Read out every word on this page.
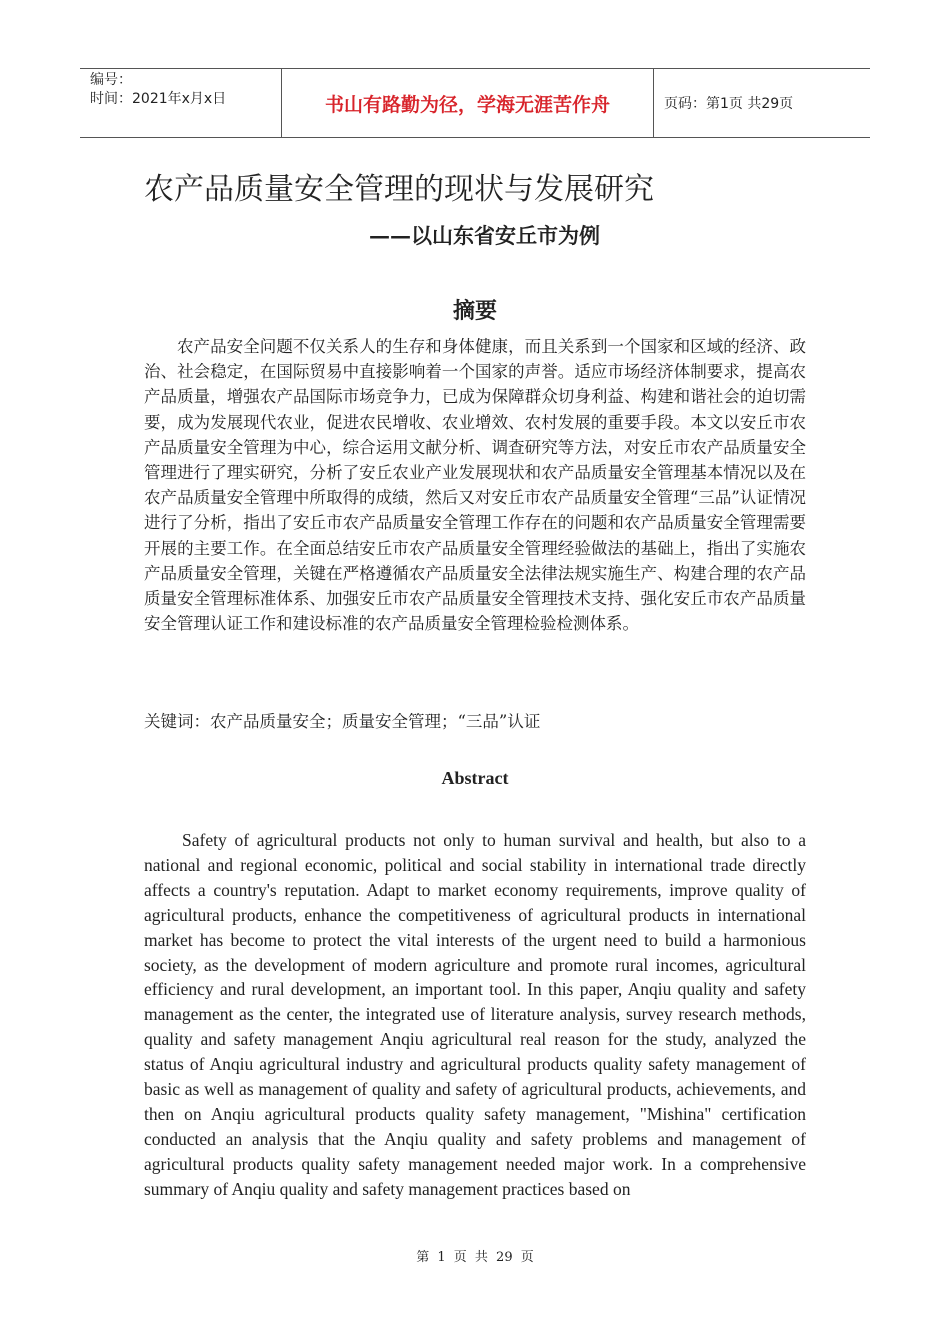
编号：
时间：2021年x月x日	书山有路勤为径，学海无涯苦作舟	页码：第1页 共29页
农产品质量安全管理的现状与发展研究
——以山东省安丘市为例
摘要

农产品安全问题不仅关系人的生存和身体健康，而且关系到一个国家和区域的经济、政治、社会稳定，在国际贸易中直接影响着一个国家的声誉。适应市场经济体制要求，提高农产品质量，增强农产品国际市场竞争力，已成为保障群众切身利益、构建和谐社会的迫切需要，成为发展现代农业，促进农民增收、农业增效、农村发展的重要手段。本文以安丘市农产品质量安全管理为中心，综合运用文献分析、调查研究等方法，对安丘市农产品质量安全管理进行了理实研究，分析了安丘农业产业发展现状和农产品质量安全管理基本情况以及在农产品质量安全管理中所取得的成绩，然后又对安丘市农产品质量安全管理“三品”认证情况进行了分析，指出了安丘市农产品质量安全管理工作存在的问题和农产品质量安全管理需要开展的主要工作。在全面总结安丘市农产品质量安全管理经验做法的基础上，指出了实施农产品质量安全管理，关键在严格遵循农产品质量安全法律法规实施生产、构建合理的农产品质量安全管理标准体系、加强安丘市农产品质量安全管理技术支持、强化安丘市农产品质量安全管理认证工作和建设标准的农产品质量安全管理检验检测体系。

关键词：农产品质量安全；质量安全管理；“三品”认证

Abstract

Safety of agricultural products not only to human survival and health, but also to a national and regional economic, political and social stability in international trade directly affects a country's reputation. Adapt to market economy requirements, improve quality of agricultural products, enhance the competitiveness of agricultural products in international market has become to protect the vital interests of the urgent need to build a harmonious society, as the development of modern agriculture and promote rural incomes, agricultural efficiency and rural development, an important tool. In this paper, Anqiu quality and safety management as the center, the integrated use of literature analysis, survey research methods, quality and safety management Anqiu agricultural real reason for the study, analyzed the status of Anqiu agricultural industry and agricultural products quality safety management of basic as well as management of quality and safety of agricultural products, achievements, and then on Anqiu agricultural products quality safety management, "Mishina" certification conducted an analysis that the Anqiu quality and safety problems and management of agricultural products quality safety management needed major work. In a comprehensive summary of Anqiu quality and safety management practices based on

第 1 页 共 29 页
